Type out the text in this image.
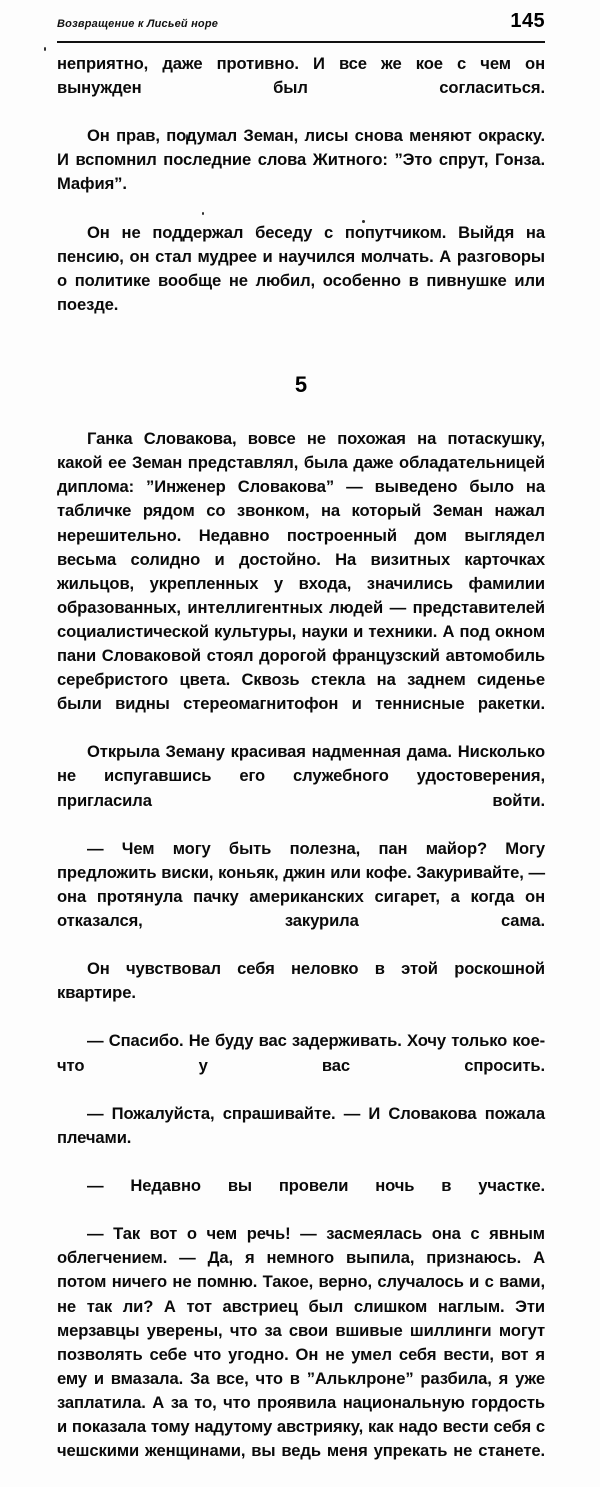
Возвращение к Лисьей норе	145

неприятно, даже противно. И все же кое с чем он вынужден был согласиться.

Он прав, подумал Земан, лисы снова меняют окраску. И вспомнил последние слова Житного: ”Это спрут, Гонза. Мафия”.

Он не поддержал беседу с попутчиком. Выйдя на пенсию, он стал мудрее и научился молчать. А разговоры о политике вообще не любил, особенно в пивнушке или поезде.

5

Ганка Словакова, вовсе не похожая на потаскушку, какой ее Земан представлял, была даже обладательницей диплома: ”Инженер Словакова” — выведено было на табличке рядом со звонком, на который Земан нажал нерешительно. Недавно построенный дом выглядел весьма солидно и достойно. На визитных карточках жильцов, укрепленных у входа, значились фамилии образованных, интеллигентных людей — представителей социалистической культуры, науки и техники. А под окном пани Словаковой стоял дорогой французский автомобиль серебристого цвета. Сквозь стекла на заднем сиденье были видны стереомагнитофон и теннисные ракетки.

Открыла Земану красивая надменная дама. Нисколько не испугавшись его служебного удостоверения, пригласила войти.

— Чем могу быть полезна, пан майор? Могу предложить виски, коньяк, джин или кофе. Закуривайте, — она протянула пачку американских сигарет, а когда он отказался, закурила сама.

Он чувствовал себя неловко в этой роскошной квартире.

— Спасибо. Не буду вас задерживать. Хочу только кое-что у вас спросить.

— Пожалуйста, спрашивайте. — И Словакова пожала плечами.

— Недавно вы провели ночь в участке.

— Так вот о чем речь! — засмеялась она с явным облегчением. — Да, я немного выпила, признаюсь. А потом ничего не помню. Такое, верно, случалось и с вами, не так ли? А тот австриец был слишком наглым. Эти мерзавцы уверены, что за свои вшивые шиллинги могут позволять себе что угодно. Он не умел себя вести, вот я ему и вмазала. За все, что в ”Альклроне” разбила, я уже заплатила. А за то, что проявила национальную гордость и показала тому надутому австрияку, как надо вести себя с чешскими женщинами, вы ведь меня упрекать не станете.
